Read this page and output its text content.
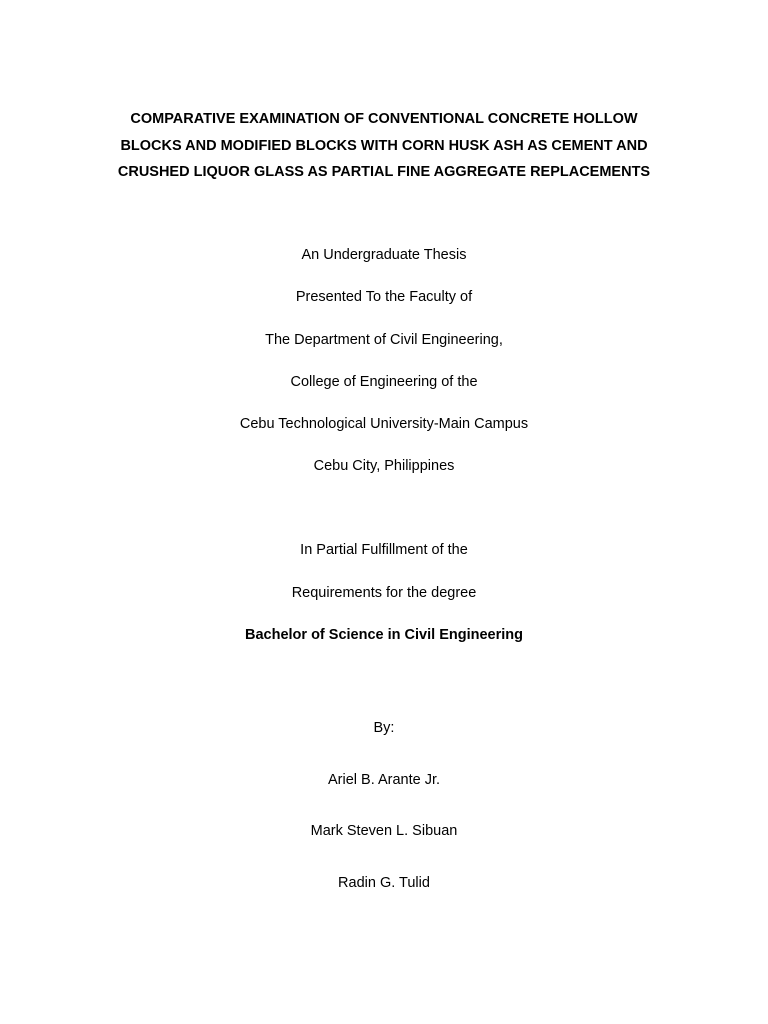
COMPARATIVE EXAMINATION OF CONVENTIONAL CONCRETE HOLLOW
BLOCKS AND MODIFIED BLOCKS WITH CORN HUSK ASH AS CEMENT AND
CRUSHED LIQUOR GLASS AS PARTIAL FINE AGGREGATE REPLACEMENTS
An Undergraduate Thesis
Presented To the Faculty of
The Department of Civil Engineering,
College of Engineering of the
Cebu Technological University-Main Campus
Cebu City, Philippines
In Partial Fulfillment of the
Requirements for the degree
Bachelor of Science in Civil Engineering
By:
Ariel B. Arante Jr.
Mark Steven L. Sibuan
Radin G. Tulid
